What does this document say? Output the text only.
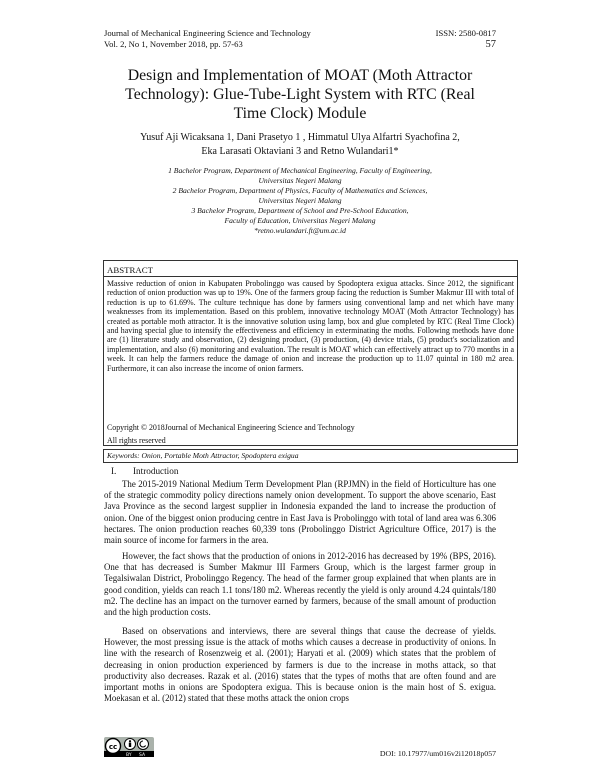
Journal of Mechanical Engineering Science and Technology
Vol. 2, No 1, November 2018, pp. 57-63
ISSN: 2580-0817
57
Design and Implementation of MOAT (Moth Attractor Technology): Glue-Tube-Light System with RTC (Real Time Clock) Module
Yusuf Aji Wicaksana 1, Dani Prasetyo 1 , Himmatul Ulya Alfartri Syachofina 2,
Eka Larasati Oktaviani 3 and Retno Wulandari1*
1 Bachelor Program, Department of Mechanical Engineering, Faculty of Engineering,
Universitas Negeri Malang
2 Bachelor Program, Department of Physics, Faculty of Mathematics and Sciences,
Universitas Negeri Malang
3 Bachelor Program, Department of School and Pre-School Education,
Faculty of Education, Universitas Negeri Malang
*retno.wulandari.ft@um.ac.id
ABSTRACT
Massive reduction of onion in Kabupaten Probolinggo was caused by Spodoptera exigua attacks. Since 2012, the significant reduction of onion production was up to 19%. One of the farmers group facing the reduction is Sumber Makmur III with total of reduction is up to 61.69%. The culture technique has done by farmers using conventional lamp and net which have many weaknesses from its implementation. Based on this problem, innovative technology MOAT (Moth Attractor Technology) has created as portable moth attractor. It is the innovative solution using lamp, box and glue completed by RTC (Real Time Clock) and having special glue to intensify the effectiveness and efficiency in exterminating the moths. Following methods have done are (1) literature study and observation, (2) designing product, (3) production, (4) device trials, (5) product's socialization and implementation, and also (6) monitoring and evaluation. The result is MOAT which can effectively attract up to 770 months in a week. It can help the farmers reduce the damage of onion and increase the production up to 11.07 quintal in 180 m2 area. Furthermore, it can also increase the income of onion farmers.
Copyright © 2018Journal of Mechanical Engineering Science and Technology
All rights reserved
Keywords: Onion, Portable Moth Attractor, Spodoptera exigua
I. Introduction
The 2015-2019 National Medium Term Development Plan (RPJMN) in the field of Horticulture has one of the strategic commodity policy directions namely onion development. To support the above scenario, East Java Province as the second largest supplier in Indonesia expanded the land to increase the production of onion. One of the biggest onion producing centre in East Java is Probolinggo with total of land area was 6.306 hectares. The onion production reaches 60,339 tons (Probolinggo District Agriculture Office, 2017) is the main source of income for farmers in the area.
However, the fact shows that the production of onions in 2012-2016 has decreased by 19% (BPS, 2016). One that has decreased is Sumber Makmur III Farmers Group, which is the largest farmer group in Tegalsiwalan District, Probolinggo Regency. The head of the farmer group explained that when plants are in good condition, yields can reach 1.1 tons/180 m2. Whereas recently the yield is only around 4.24 quintals/180 m2. The decline has an impact on the turnover earned by farmers, because of the small amount of production and the high production costs.
Based on observations and interviews, there are several things that cause the decrease of yields. However, the most pressing issue is the attack of moths which causes a decrease in productivity of onions. In line with the research of Rosenzweig et al. (2001); Haryati et al. (2009) which states that the problem of decreasing in onion production experienced by farmers is due to the increase in moths attack, so that productivity also decreases. Razak et al. (2016) states that the types of moths that are often found and are important moths in onions are Spodoptera exigua. This is because onion is the main host of S. exigua. Moekasan et al. (2012) stated that these moths attack the onion crops
cc
BY SA	DOI: 10.17977/um016v2i12018p057
